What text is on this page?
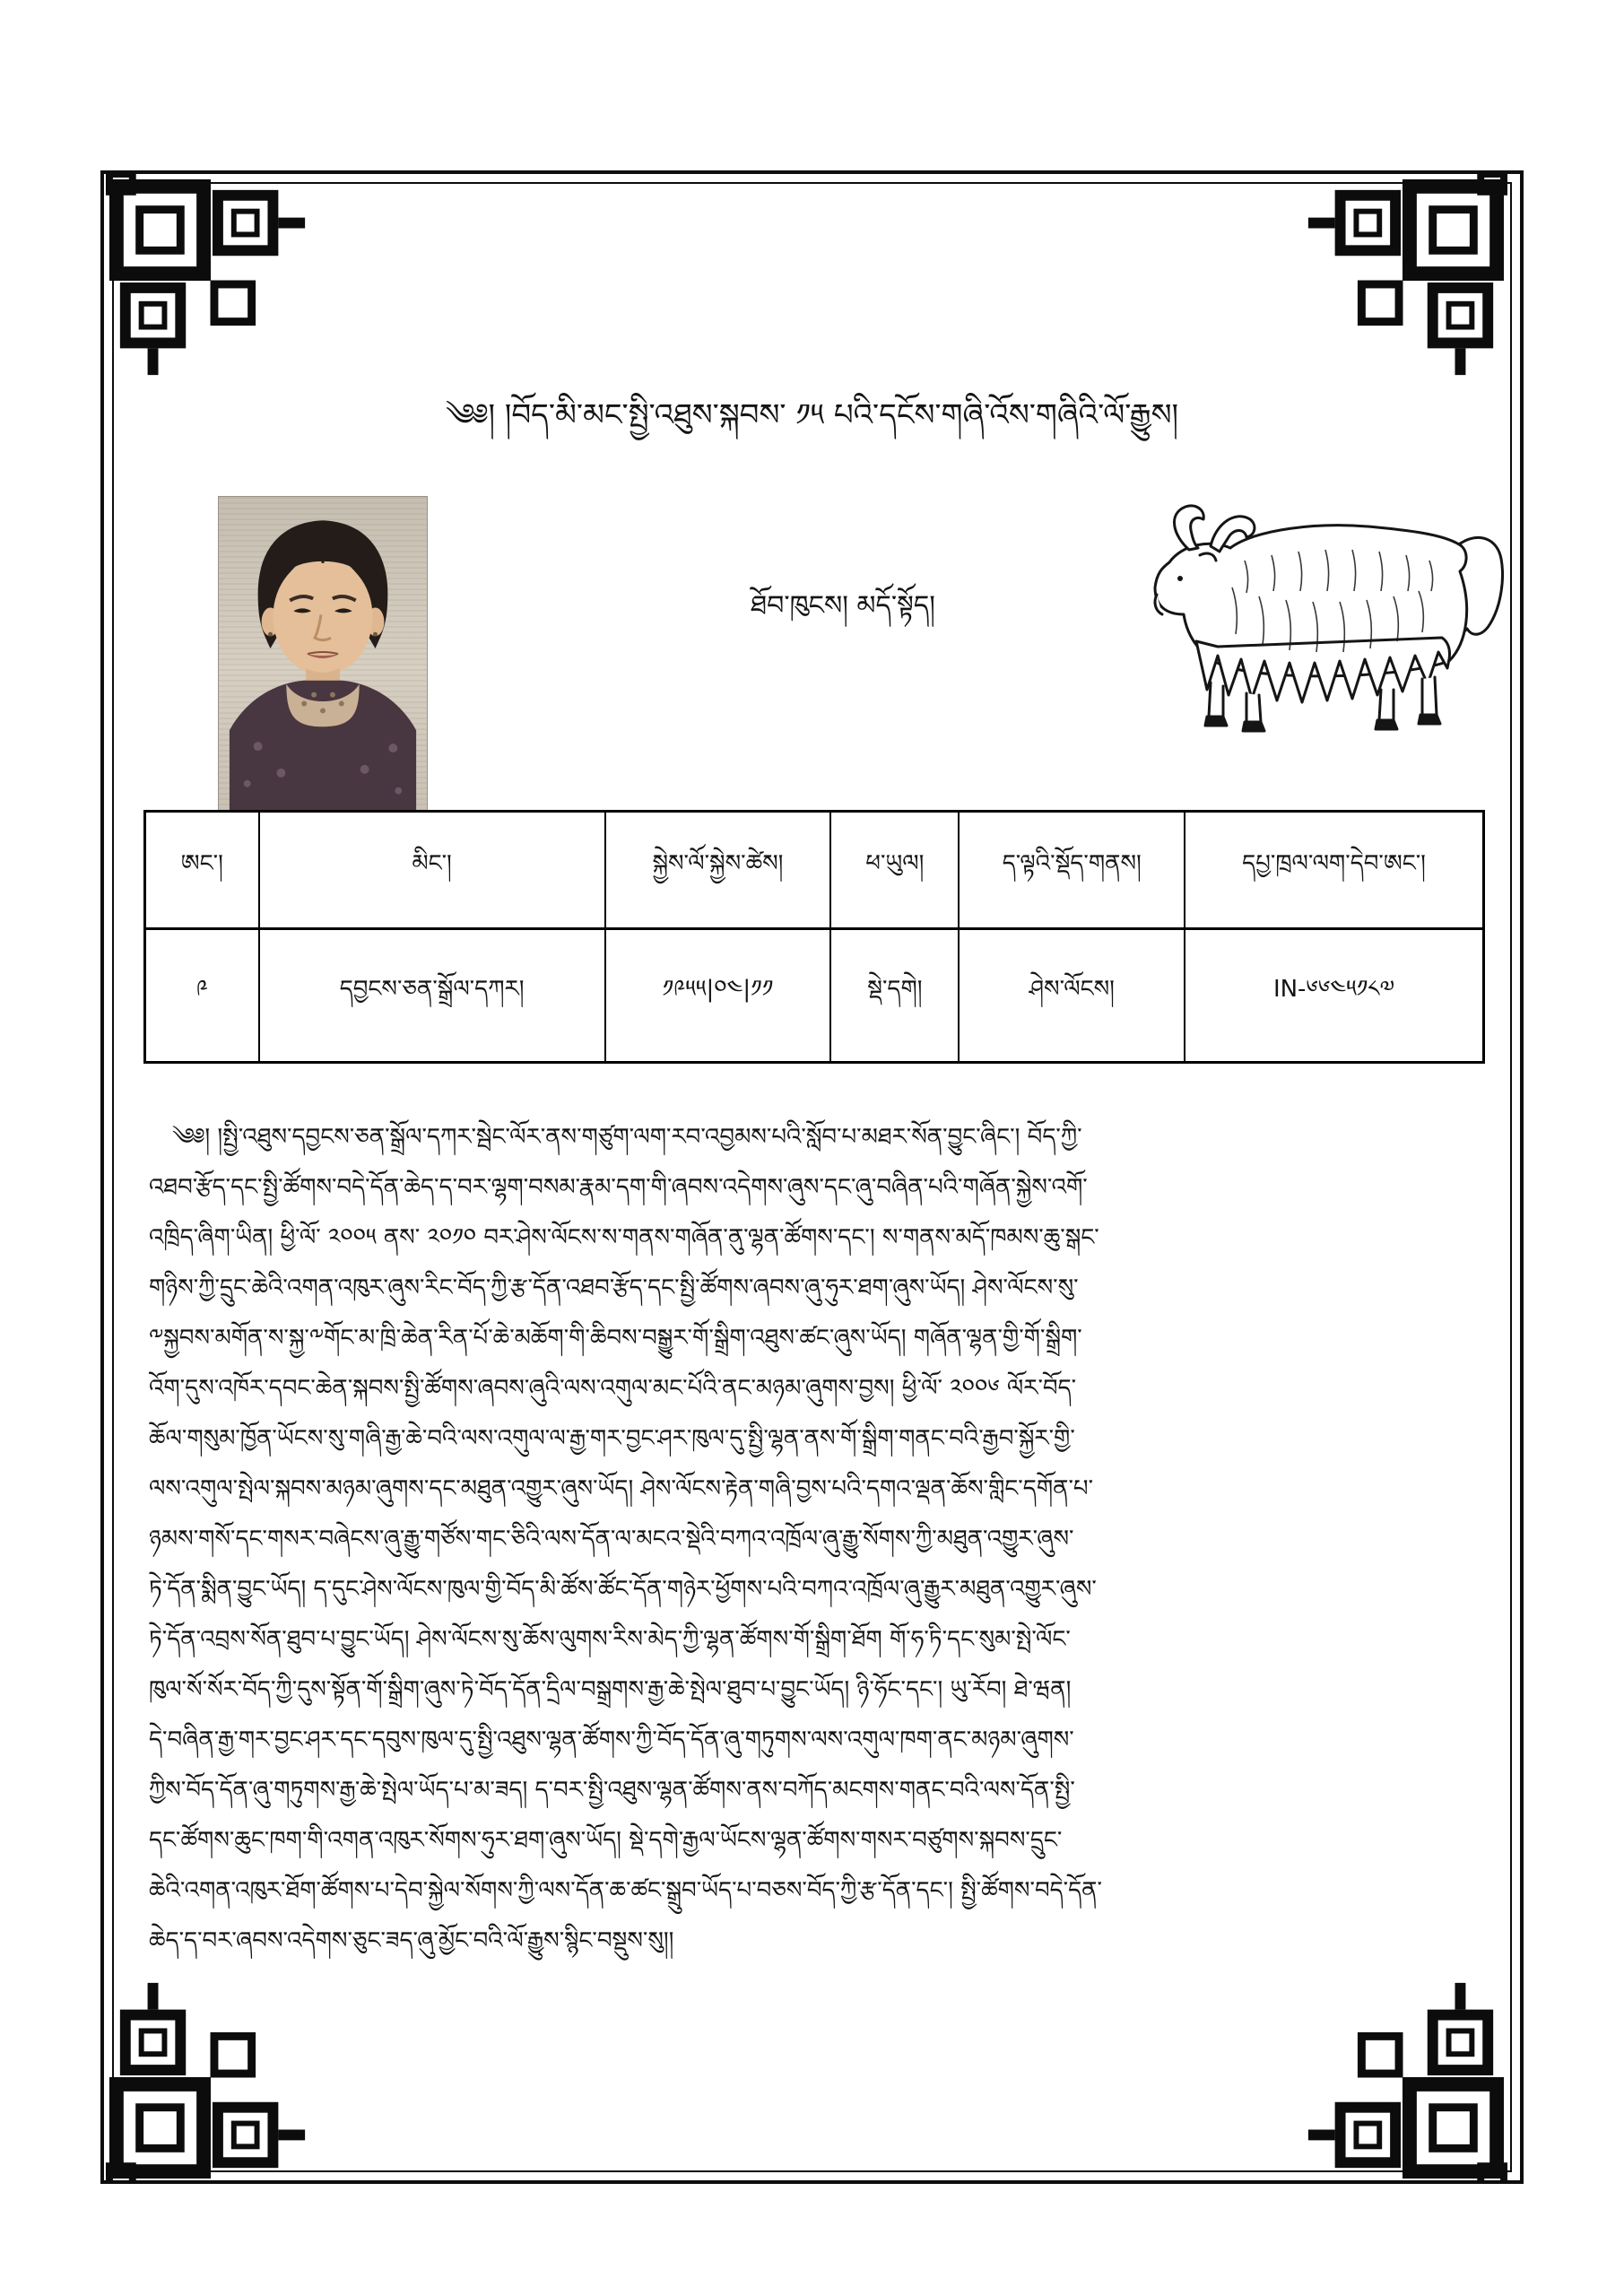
༄༅། །བོད་མི་མང་སྤྱི་འཐུས་སྐབས་ ༡༥ པའི་དངོས་གཞི་འོས་གཞིའི་ལོ་རྒྱུས།
ཐོབ་ཁུངས། མདོ་སྟོད།
ཨང་།	མིང་།	སྐྱེས་ལོ་སྐྱེས་ཚེས།	ཕ་ཡུལ།	ད་ལྟའི་སྡོད་གནས།	དཔྱ་ཁྲལ་ལག་དེབ་ཨང་།
༩	དབྱངས་ཅན་སྒྲོལ་དཀར།	༡༩༥༥|༠༤|༡༡	སྡེ་དགེ།	ཤེས་ལོངས།	IN-༦༦༤༥༡༨༧
༄༅། །སྤྱི་འཐུས་དབྱངས་ཅན་སྒྲོལ་དཀར་སྦེང་ལོར་ནས་གཙུག་ལག་རབ་འབྱམས་པའི་སློབ་པ་མཐར་སོན་བྱུང་ཞིང་། བོད་ཀྱི་
འཐབ་རྩོད་དང་སྤྱི་ཚོགས་བདེ་དོན་ཆེད་ད་བར་ལྷག་བསམ་རྣམ་དག་གི་ཞབས་འདེགས་ཞུས་དང་ཞུ་བཞིན་པའི་གཞོན་སྐྱེས་འགོ་
འཁྲིད་ཞིག་ཡིན། ཕྱི་ལོ་ ༢༠༠༥ ནས་ ༢༠༡༠ བར་ཤེས་ལོངས་ས་གནས་གཞོན་ནུ་ལྷན་ཚོགས་དང་། ས་གནས་མདོ་ཁམས་ཆུ་སྒང་
གཉིས་ཀྱི་དྲུང་ཆེའི་འགན་འཁུར་ཞུས་རིང་བོད་ཀྱི་རྩ་དོན་འཐབ་རྩོད་དང་སྤྱི་ཚོགས་ཞབས་ཞུ་ཧུར་ཐག་ཞུས་ཡོད། ཤེས་ལོངས་སུ་
༸སྐྱབས་མགོན་ས་སྐྱ་༸གོང་མ་ཁྲི་ཆེན་རིན་པོ་ཆེ་མཆོག་གི་ཆིབས་བསྒྱུར་གོ་སྒྲིག་འཐུས་ཚང་ཞུས་ཡོད། གཞོན་ལྷན་གྱི་གོ་སྒྲིག་
འོག་དུས་འཁོར་དབང་ཆེན་སྐབས་སྤྱི་ཚོགས་ཞབས་ཞུའི་ལས་འགུལ་མང་པོའི་ནང་མཉམ་ཞུགས་བྱས། ཕྱི་ལོ་ ༢༠༠༦ ལོར་བོད་
ཆོལ་གསུམ་ཁྱོན་ཡོངས་སུ་གཞི་རྒྱ་ཆེ་བའི་ལས་འགུལ་ལ་རྒྱ་གར་བྱང་ཤར་ཁུལ་དུ་སྤྱི་ལྷན་ནས་གོ་སྒྲིག་གནང་བའི་རྒྱབ་སྐྱོར་གྱི་
ལས་འགུལ་སྤེལ་སྐབས་མཉམ་ཞུགས་དང་མཐུན་འགྱུར་ཞུས་ཡོད། ཤེས་ལོངས་རྟེན་གཞི་བྱས་པའི་དགའ་ལྡན་ཆོས་གླིང་དགོན་པ་
ཉམས་གསོ་དང་གསར་བཞེངས་ཞུ་རྒྱུ་གཙོས་གང་ཅིའི་ལས་དོན་ལ་མངའ་སྡེའི་བཀའ་འཁྲོལ་ཞུ་རྒྱུ་སོགས་ཀྱི་མཐུན་འགྱུར་ཞུས་
ཏེ་དོན་སྨིན་བྱུང་ཡོད། ད་དུང་ཤེས་ལོངས་ཁུལ་གྱི་བོད་མི་ཚོས་ཚོང་དོན་གཉེར་ཕྱོགས་པའི་བཀའ་འཁྲོལ་ཞུ་རྒྱུར་མཐུན་འགྱུར་ཞུས་
ཏེ་དོན་འབྲས་སོན་ཐུབ་པ་བྱུང་ཡོད། ཤེས་ལོངས་སུ་ཆོས་ལུགས་རིས་མེད་ཀྱི་ལྷན་ཚོགས་གོ་སྒྲིག་ཐོག གོ་ཧ་ཏི་དང་སུམ་སྤེ་ལོང་
ཁུལ་སོ་སོར་བོད་ཀྱི་དུས་སྟོན་གོ་སྒྲིག་ཞུས་ཏེ་བོད་དོན་དྲིལ་བསྒྲགས་རྒྱ་ཆེ་སྤེལ་ཐུབ་པ་བྱུང་ཡོད། ཉི་ཧོང་དང་། ཡུ་རོབ། ཐེ་ཝན།
དེ་བཞིན་རྒྱ་གར་བྱང་ཤར་དང་དབུས་ཁུལ་དུ་སྤྱི་འཐུས་ལྷན་ཚོགས་ཀྱི་བོད་དོན་ཞུ་གཏུགས་ལས་འགུལ་ཁག་ནང་མཉམ་ཞུགས་
ཀྱིས་བོད་དོན་ཞུ་གཏུགས་རྒྱ་ཆེ་སྤེལ་ཡོད་པ་མ་ཟད། ད་བར་སྤྱི་འཐུས་ལྷན་ཚོགས་ནས་བཀོད་མངགས་གནང་བའི་ལས་དོན་སྤྱི་
དང་ཚོགས་ཆུང་ཁག་གི་འགན་འཁུར་སོགས་ཧུར་ཐག་ཞུས་ཡོད། སྡེ་དགེ་རྒྱལ་ཡོངས་ལྷན་ཚོགས་གསར་བཙུགས་སྐབས་དྲུང་
ཆེའི་འགན་འཁུར་ཐོག་ཚོགས་པ་དེབ་སྐྱེལ་སོགས་ཀྱི་ལས་དོན་ཆ་ཚང་སྒྲུབ་ཡོད་པ་བཅས་བོད་ཀྱི་རྩ་དོན་དང་། སྤྱི་ཚོགས་བདེ་དོན་
ཆེད་ད་བར་ཞབས་འདེགས་ཅུང་ཟད་ཞུ་མྱོང་བའི་ལོ་རྒྱུས་སྙིང་བསྡུས་སུ།།
